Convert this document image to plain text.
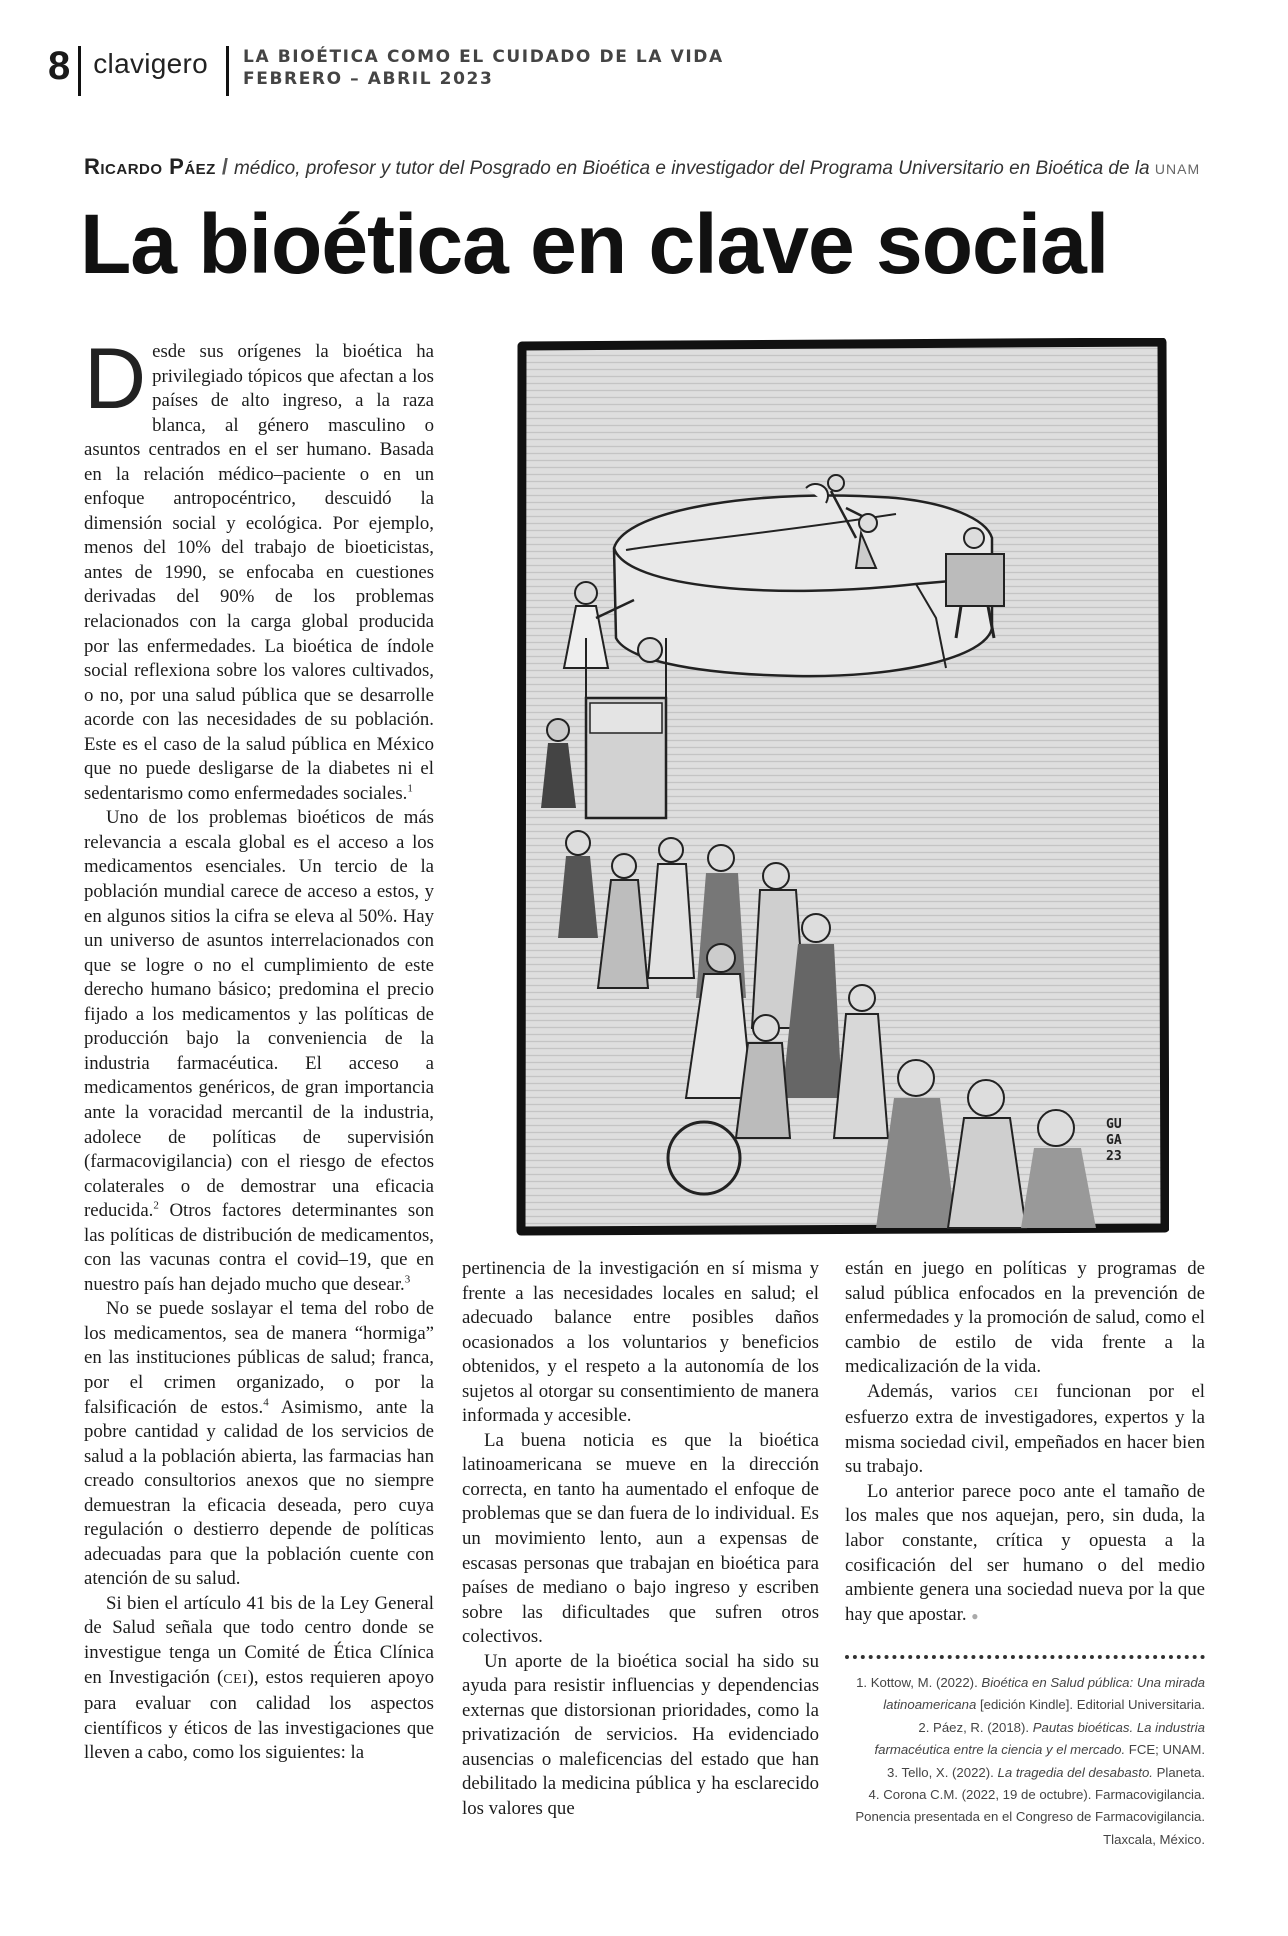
8 clavigero LA BIOÉTICA COMO EL CUIDADO DE LA VIDA
FEBRERO – ABRIL 2023
Ricardo Páez / médico, profesor y tutor del Posgrado en Bioética e investigador del Programa Universitario en Bioética de la UNAM
La bioética en clave social

Desde sus orígenes la bioética ha privilegiado tópicos que afectan a los países de alto ingreso, a la raza blanca, al género masculino o asuntos centrados en el ser humano. Basada en la relación médico–paciente o en un enfoque antropocéntrico, descuidó la dimensión social y ecológica. Por ejemplo, menos del 10% del trabajo de bioeticistas, antes de 1990, se enfocaba en cuestiones derivadas del 90% de los problemas relacionados con la carga global producida por las enfermedades. La bioética de índole social reflexiona sobre los valores cultivados, o no, por una salud pública que se desarrolle acorde con las necesidades de su población. Este es el caso de la salud pública en México que no puede desligarse de la diabetes ni el sedentarismo como enfermedades sociales.$^1$

Uno de los problemas bioéticos de más relevancia a escala global es el acceso a los medicamentos esenciales. Un tercio de la población mundial carece de acceso a estos, y en algunos sitios la cifra se eleva al 50%. Hay un universo de asuntos interrelacionados con que se logre o no el cumplimiento de este derecho humano básico; predomina el precio fijado a los medicamentos y las políticas de producción bajo la conveniencia de la industria farmacéutica. El acceso a medicamentos genéricos, de gran importancia ante la voracidad mercantil de la industria, adolece de políticas de supervisión (farmacovigilancia) con el riesgo de efectos colaterales o de demostrar una eficacia reducida.$^2$ Otros factores determinantes son las políticas de distribución de medicamentos, con las vacunas contra el covid–19, que en nuestro país han dejado mucho que desear.$^3$

No se puede soslayar el tema del robo de los medicamentos, sea de manera “hormiga” en las instituciones públicas de salud; franca, por el crimen organizado, o por la falsificación de estos.$^4$ Asimismo, ante la pobre cantidad y calidad de los servicios de salud a la población abierta, las farmacias han creado consultorios anexos que no siempre demuestran la eficacia deseada, pero cuya regulación o destierro depende de políticas adecuadas para que la población cuente con atención de su salud.

Si bien el artículo 41 bis de la Ley General de Salud señala que todo centro donde se investigue tenga un Comité de Ética Clínica en Investigación (CEI), estos requieren apoyo para evaluar con calidad los aspectos científicos y éticos de las investigaciones que lleven a cabo, como los siguientes: la

GU
GA
23

pertinencia de la investigación en sí misma y frente a las necesidades locales en salud; el adecuado balance entre posibles daños ocasionados a los voluntarios y beneficios obtenidos, y el respeto a la autonomía de los sujetos al otorgar su consentimiento de manera informada y accesible.

La buena noticia es que la bioética latinoamericana se mueve en la dirección correcta, en tanto ha aumentado el enfoque de problemas que se dan fuera de lo individual. Es un movimiento lento, aun a expensas de escasas personas que trabajan en bioética para países de mediano o bajo ingreso y escriben sobre las dificultades que sufren otros colectivos.

Un aporte de la bioética social ha sido su ayuda para resistir influencias y dependencias externas que distorsionan prioridades, como la privatización de servicios. Ha evidenciado ausencias o maleficencias del estado que han debilitado la medicina pública y ha esclarecido los valores que

están en juego en políticas y programas de salud pública enfocados en la prevención de enfermedades y la promoción de salud, como el cambio de estilo de vida frente a la medicalización de la vida.

Además, varios CEI funcionan por el esfuerzo extra de investigadores, expertos y la misma sociedad civil, empeñados en hacer bien su trabajo.

Lo anterior parece poco ante el tamaño de los males que nos aquejan, pero, sin duda, la labor constante, crítica y opuesta a la cosificación del ser humano o del medio ambiente genera una sociedad nueva por la que hay que apostar. ●

1. Kottow, M. (2022). Bioética en Salud pública: Una mirada latinoamericana [edición Kindle]. Editorial Universitaria.
2. Páez, R. (2018). Pautas bioéticas. La industria farmacéutica entre la ciencia y el mercado. FCE; UNAM.
3. Tello, X. (2022). La tragedia del desabasto. Planeta.
4. Corona C.M. (2022, 19 de octubre). Farmacovigilancia. Ponencia presentada en el Congreso de Farmacovigilancia. Tlaxcala, México.
